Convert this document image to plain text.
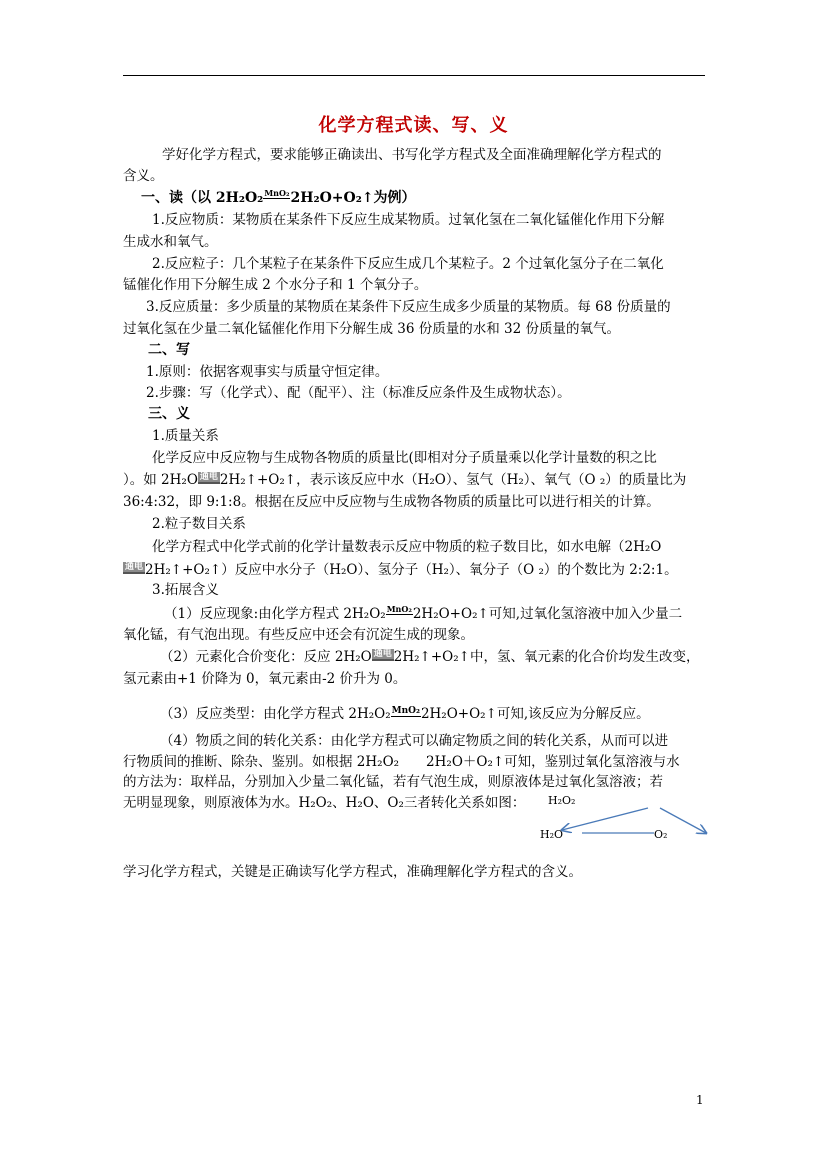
化学方程式读、写、义
学好化学方程式，要求能够正确读出、书写化学方程式及全面准确理解化学方程式的
含义。
一、读（以 2H₂O₂MnO₂2H₂O+O₂↑为例）
1.反应物质：某物质在某条件下反应生成某物质。过氧化氢在二氧化锰催化作用下分解
生成水和氧气。
2.反应粒子：几个某粒子在某条件下反应生成几个某粒子。2 个过氧化氢分子在二氧化
锰催化作用下分解生成 2 个水分子和 1 个氧分子。
3.反应质量：多少质量的某物质在某条件下反应生成多少质量的某物质。每 68 份质量的
过氧化氢在少量二氧化锰催化作用下分解生成 36 份质量的水和 32 份质量的氧气。
二、写
1.原则：依据客观事实与质量守恒定律。
2.步骤：写（化学式）、配（配平）、注（标准反应条件及生成物状态）。
三、义
1.质量关系
化学反应中反应物与生成物各物质的质量比(即相对分子质量乘以化学计量数的积之比
）。如 2H₂O 通电 2H₂↑+O₂↑，表示该反应中水（H₂O）、氢气（H₂）、氧气（O ₂）的质量比为
36:4:32，即 9:1:8。根据在反应中反应物与生成物各物质的质量比可以进行相关的计算。
2.粒子数目关系
化学方程式中化学式前的化学计量数表示反应中物质的粒子数目比，如水电解（2H₂O
通电 2H₂↑+O₂↑）反应中水分子（H₂O）、氢分子（H₂）、氧分子（O ₂）的个数比为 2:2:1。
3.拓展含义
（1）反应现象:由化学方程式 2H₂O₂MnO₂2H₂O+O₂↑可知,过氧化氢溶液中加入少量二
氧化锰，有气泡出现。有些反应中还会有沉淀生成的现象。
（2）元素化合价变化：反应 2H₂O 通电 2H₂↑+O₂↑中，氢、氧元素的化合价均发生改变，
氢元素由+1 价降为 0，氧元素由-2 价升为 0。
（3）反应类型：由化学方程式 2H₂O₂MnO₂2H₂O+O₂↑可知,该反应为分解反应。
（4）物质之间的转化关系：由化学方程式可以确定物质之间的转化关系，从而可以进
行物质间的推断、除杂、鉴别。如根据 2H₂O₂　　2H₂O＋O₂↑可知，鉴别过氧化氢溶液与水
的方法为：取样品，分别加入少量二氧化锰，若有气泡生成，则原液体是过氧化氢溶液；若
无明显现象，则原液体为水。H₂O₂、H₂O、O₂三者转化关系如图： H₂O₂
H₂O	O₂
学习化学方程式，关键是正确读写化学方程式，准确理解化学方程式的含义。
1
